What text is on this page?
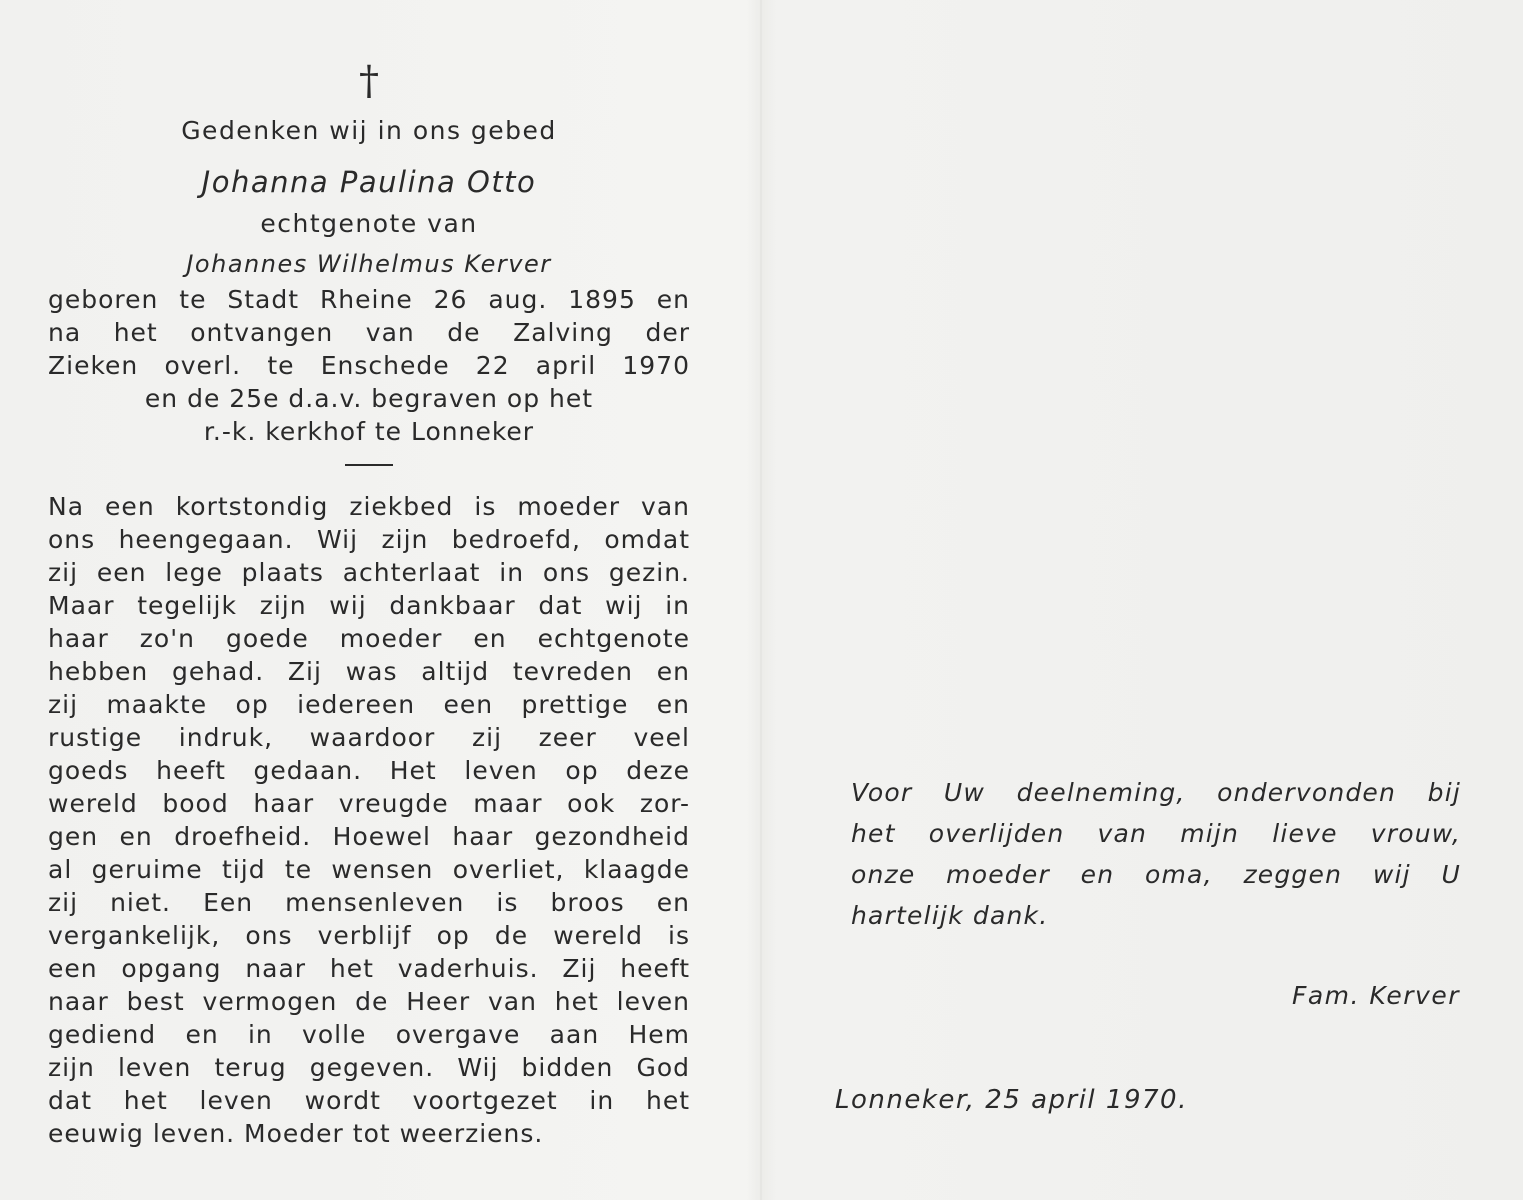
†
Gedenken wij in ons gebed
Johanna Paulina Otto
echtgenote van
Johannes Wilhelmus Kerver
geboren te Stadt Rheine 26 aug. 1895 en
na het ontvangen van de Zalving der
Zieken overl. te Enschede 22 april 1970
en de 25e d.a.v. begraven op het
r.-k. kerkhof te Lonneker
Na een kortstondig ziekbed is moeder van
ons heengegaan. Wij zijn bedroefd, omdat
zij een lege plaats achterlaat in ons gezin.
Maar tegelijk zijn wij dankbaar dat wij in
haar zo'n goede moeder en echtgenote
hebben gehad. Zij was altijd tevreden en
zij maakte op iedereen een prettige en
rustige indruk, waardoor zij zeer veel
goeds heeft gedaan. Het leven op deze
wereld bood haar vreugde maar ook zor-
gen en droefheid. Hoewel haar gezondheid
al geruime tijd te wensen overliet, klaagde
zij niet. Een mensenleven is broos en
vergankelijk, ons verblijf op de wereld is
een opgang naar het vaderhuis. Zij heeft
naar best vermogen de Heer van het leven
gediend en in volle overgave aan Hem
zijn leven terug gegeven. Wij bidden God
dat het leven wordt voortgezet in het
eeuwig leven. Moeder tot weerziens.
Voor Uw deelneming, ondervonden bij
het overlijden van mijn lieve vrouw,
onze moeder en oma, zeggen wij U
hartelijk dank.
Fam. Kerver
Lonneker, 25 april 1970.
